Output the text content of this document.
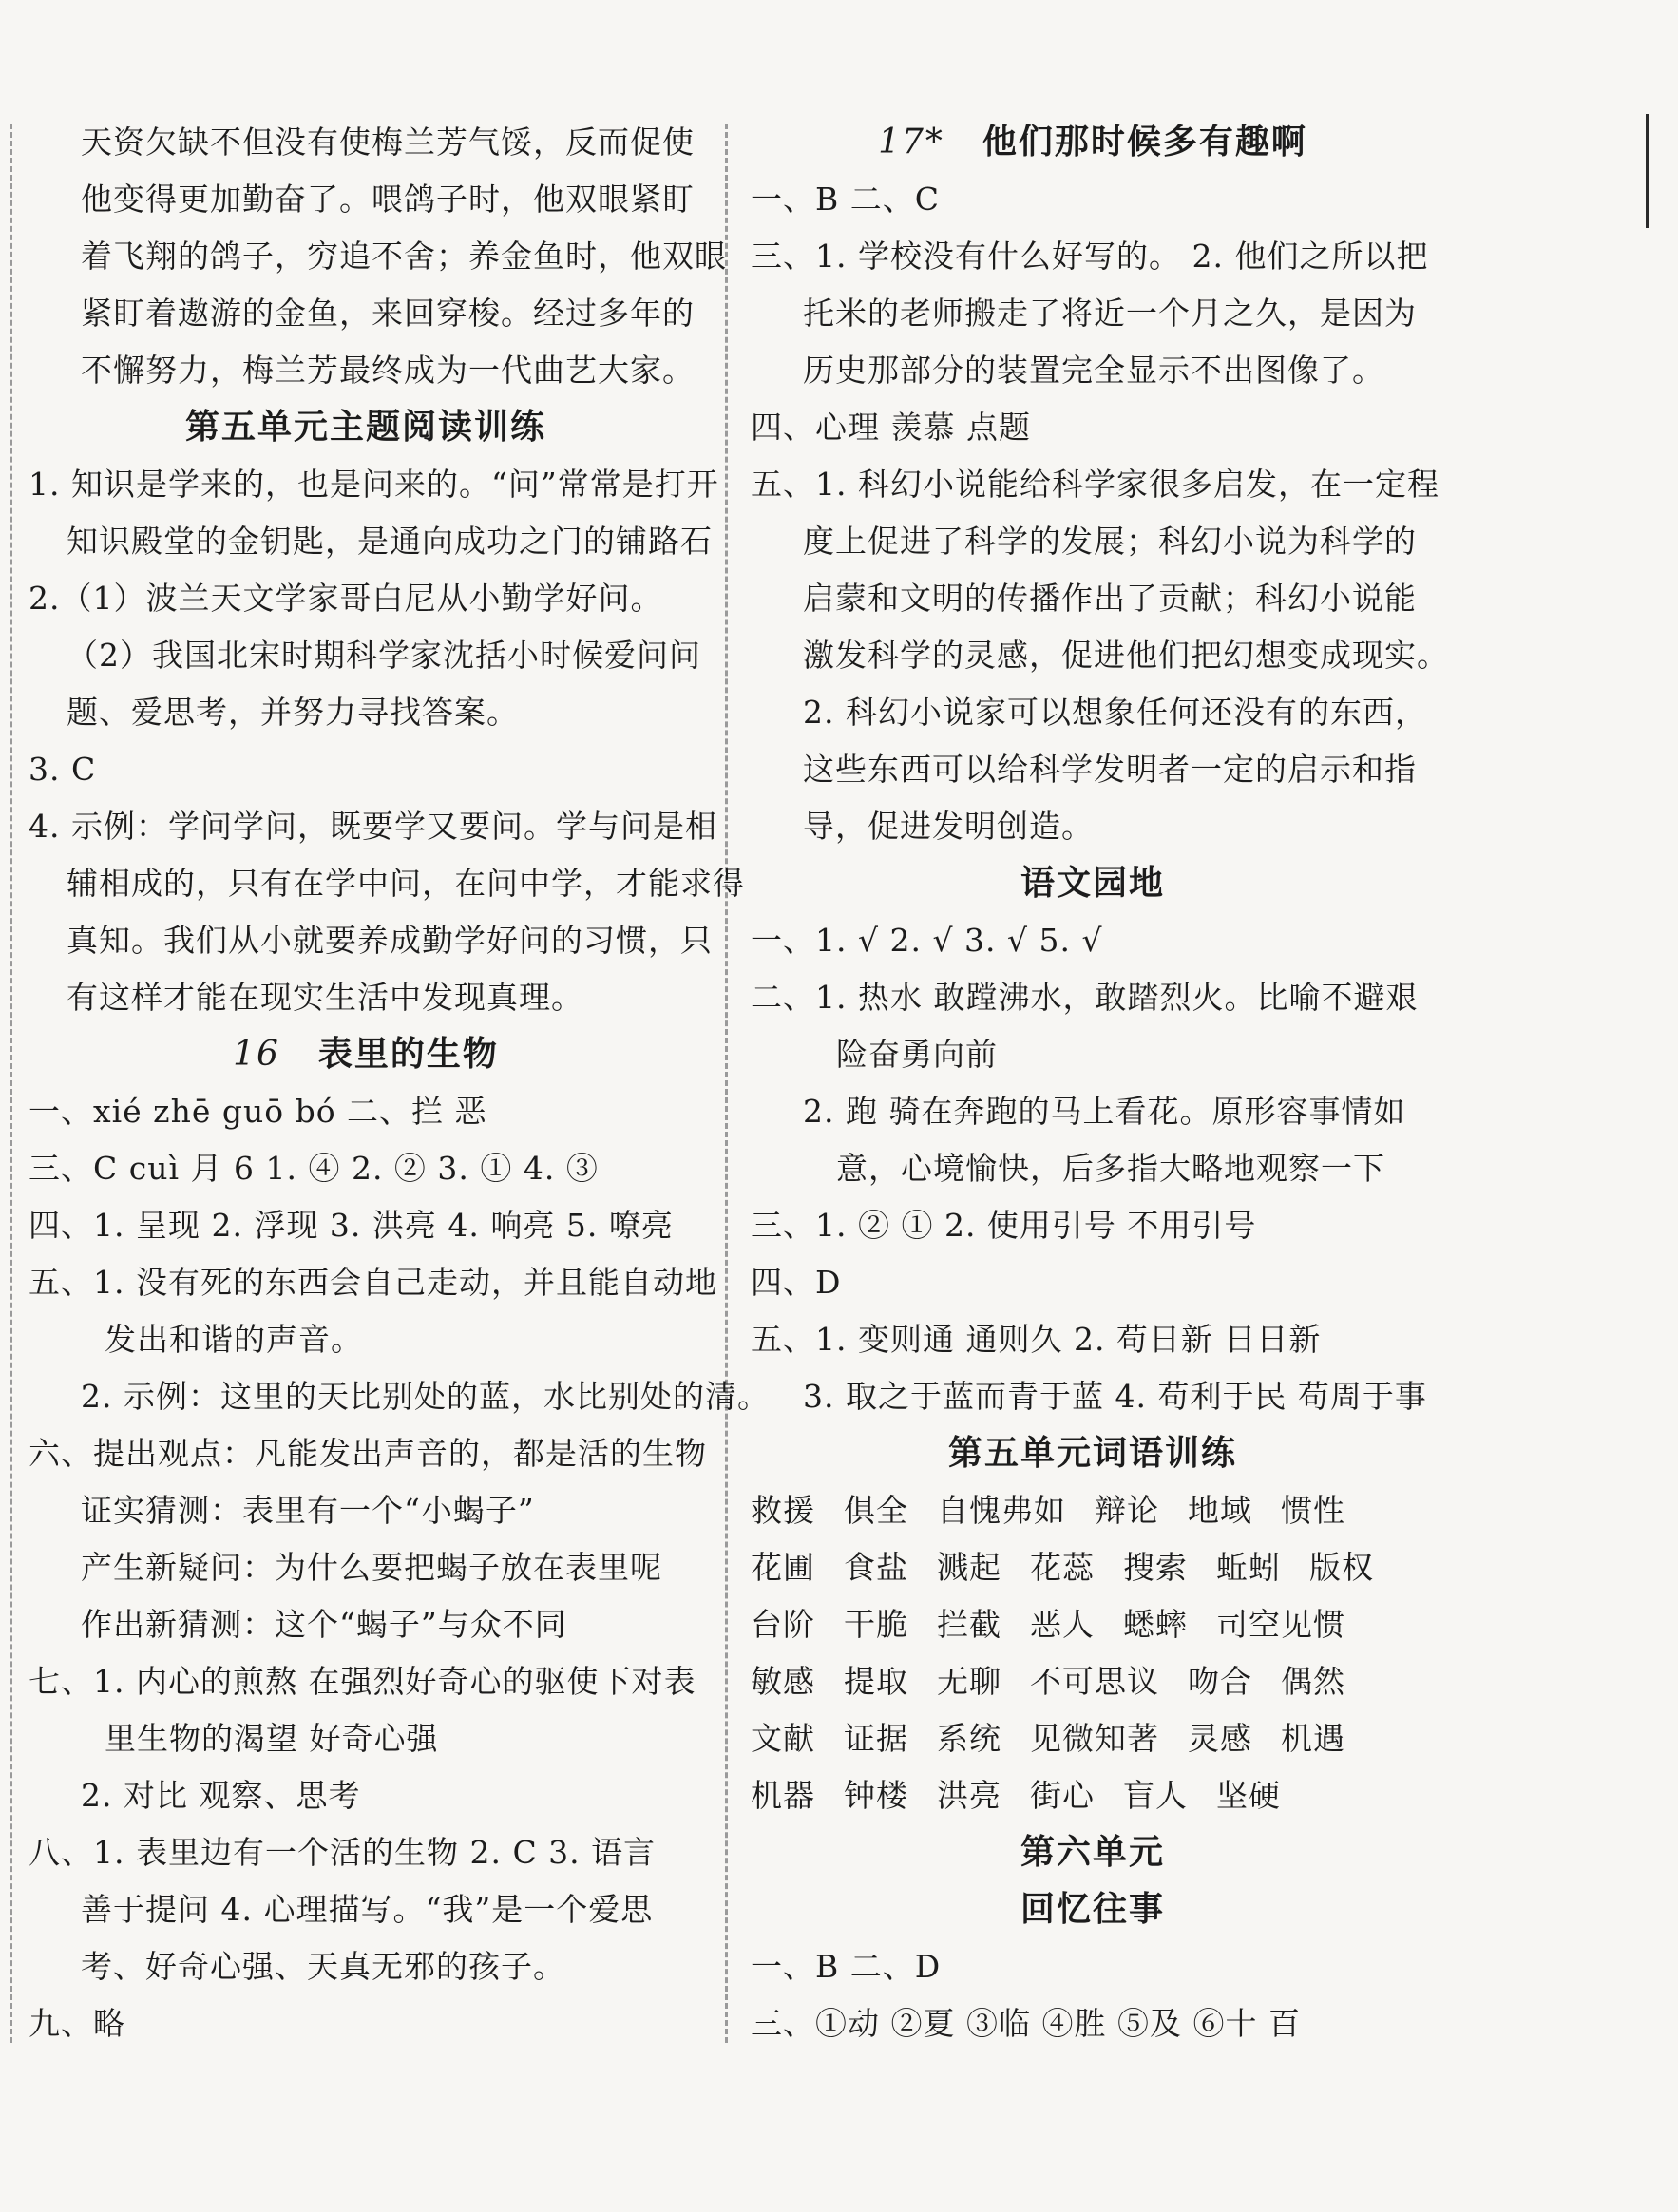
天资欠缺不但没有使梅兰芳气馁，反而促使
他变得更加勤奋了。喂鸽子时，他双眼紧盯
着飞翔的鸽子，穷追不舍；养金鱼时，他双眼
紧盯着遨游的金鱼，来回穿梭。经过多年的
不懈努力，梅兰芳最终成为一代曲艺大家。
第五单元主题阅读训练
1. 知识是学来的，也是问来的。“问”常常是打开
知识殿堂的金钥匙，是通向成功之门的铺路石
2.（1）波兰天文学家哥白尼从小勤学好问。
（2）我国北宋时期科学家沈括小时候爱问问
题、爱思考，并努力寻找答案。
3. C
4. 示例：学问学问，既要学又要问。学与问是相
辅相成的，只有在学中问，在问中学，才能求得
真知。我们从小就要养成勤学好问的习惯，只
有这样才能在现实生活中发现真理。
16 表里的生物
一、xié zhē guō bó 二、拦 恶
三、C cuì 月 6 1. ④ 2. ② 3. ① 4. ③
四、1. 呈现 2. 浮现 3. 洪亮 4. 响亮 5. 嘹亮
五、1. 没有死的东西会自己走动，并且能自动地
发出和谐的声音。
2. 示例：这里的天比别处的蓝，水比别处的清。
六、提出观点：凡能发出声音的，都是活的生物
证实猜测：表里有一个“小蝎子”
产生新疑问：为什么要把蝎子放在表里呢
作出新猜测：这个“蝎子”与众不同
七、1. 内心的煎熬 在强烈好奇心的驱使下对表
里生物的渴望 好奇心强
2. 对比 观察、思考
八、1. 表里边有一个活的生物 2. C 3. 语言
善于提问 4. 心理描写。“我”是一个爱思
考、好奇心强、天真无邪的孩子。
九、略
17* 他们那时候多有趣啊
一、B 二、C
三、1. 学校没有什么好写的。 2. 他们之所以把
托米的老师搬走了将近一个月之久，是因为
历史那部分的装置完全显示不出图像了。
四、心理 羡慕 点题
五、1. 科幻小说能给科学家很多启发，在一定程
度上促进了科学的发展；科幻小说为科学的
启蒙和文明的传播作出了贡献；科幻小说能
激发科学的灵感，促进他们把幻想变成现实。
2. 科幻小说家可以想象任何还没有的东西，
这些东西可以给科学发明者一定的启示和指
导，促进发明创造。
语文园地
一、1. √ 2. √ 3. √ 5. √
二、1. 热水 敢蹚沸水，敢踏烈火。比喻不避艰
险奋勇向前
2. 跑 骑在奔跑的马上看花。原形容事情如
意，心境愉快，后多指大略地观察一下
三、1. ② ① 2. 使用引号 不用引号
四、D
五、1. 变则通 通则久 2. 苟日新 日日新
3. 取之于蓝而青于蓝 4. 苟利于民 苟周于事
第五单元词语训练
救援 俱全 自愧弗如 辩论 地域 惯性
花圃 食盐 溅起 花蕊 搜索 蚯蚓 版权
台阶 干脆 拦截 恶人 蟋蟀 司空见惯
敏感 提取 无聊 不可思议 吻合 偶然
文献 证据 系统 见微知著 灵感 机遇
机器 钟楼 洪亮 街心 盲人 坚硬
第六单元
回忆往事
一、B 二、D
三、①动 ②夏 ③临 ④胜 ⑤及 ⑥十 百
